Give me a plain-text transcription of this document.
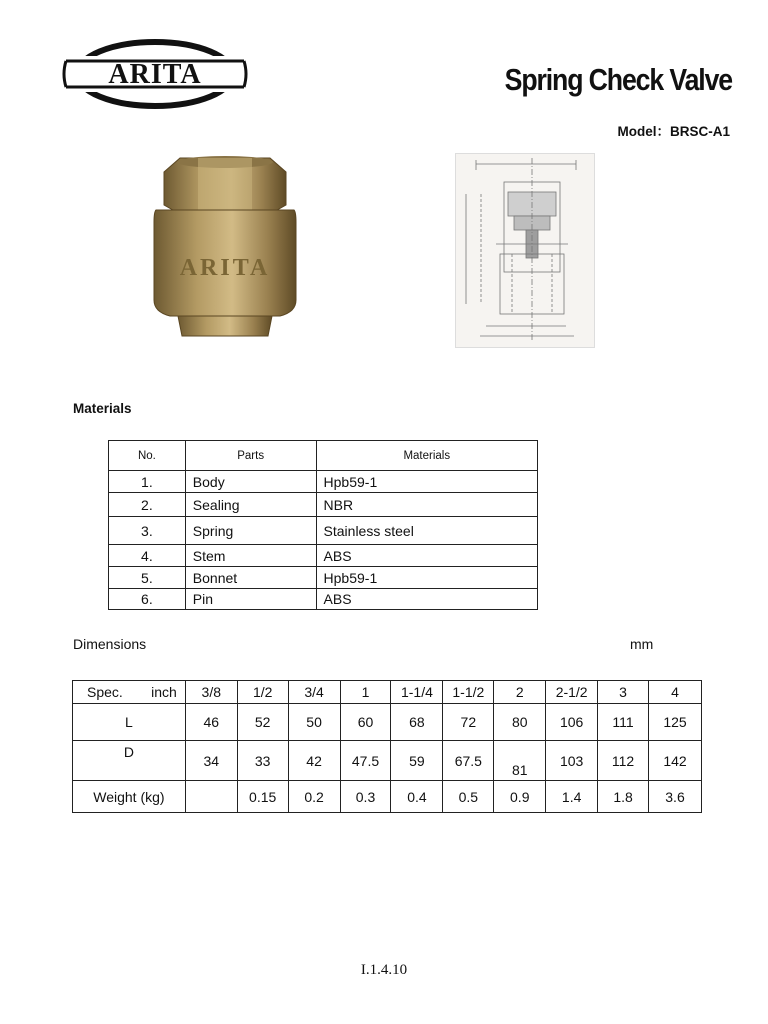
ARITA	Spring Check Valve
Model：BRSC-A1
ARITA
Materials
No.	Parts	Materials
1.	Body	Hpb59-1
2.	Sealing	NBR
3.	Spring	Stainless steel
4.	Stem	ABS
5.	Bonnet	Hpb59-1
6.	Pin	ABS
Dimensions	mm
Spec. inch	3/8	1/2	3/4	1	1-1/4	1-1/2	2	2-1/2	3	4
L	46	52	50	60	68	72	80	106	111	125
D	34	33	42	47.5	59	67.5	81	103	112	142
Weight (kg)		0.15	0.2	0.3	0.4	0.5	0.9	1.4	1.8	3.6
I.1.4.10
